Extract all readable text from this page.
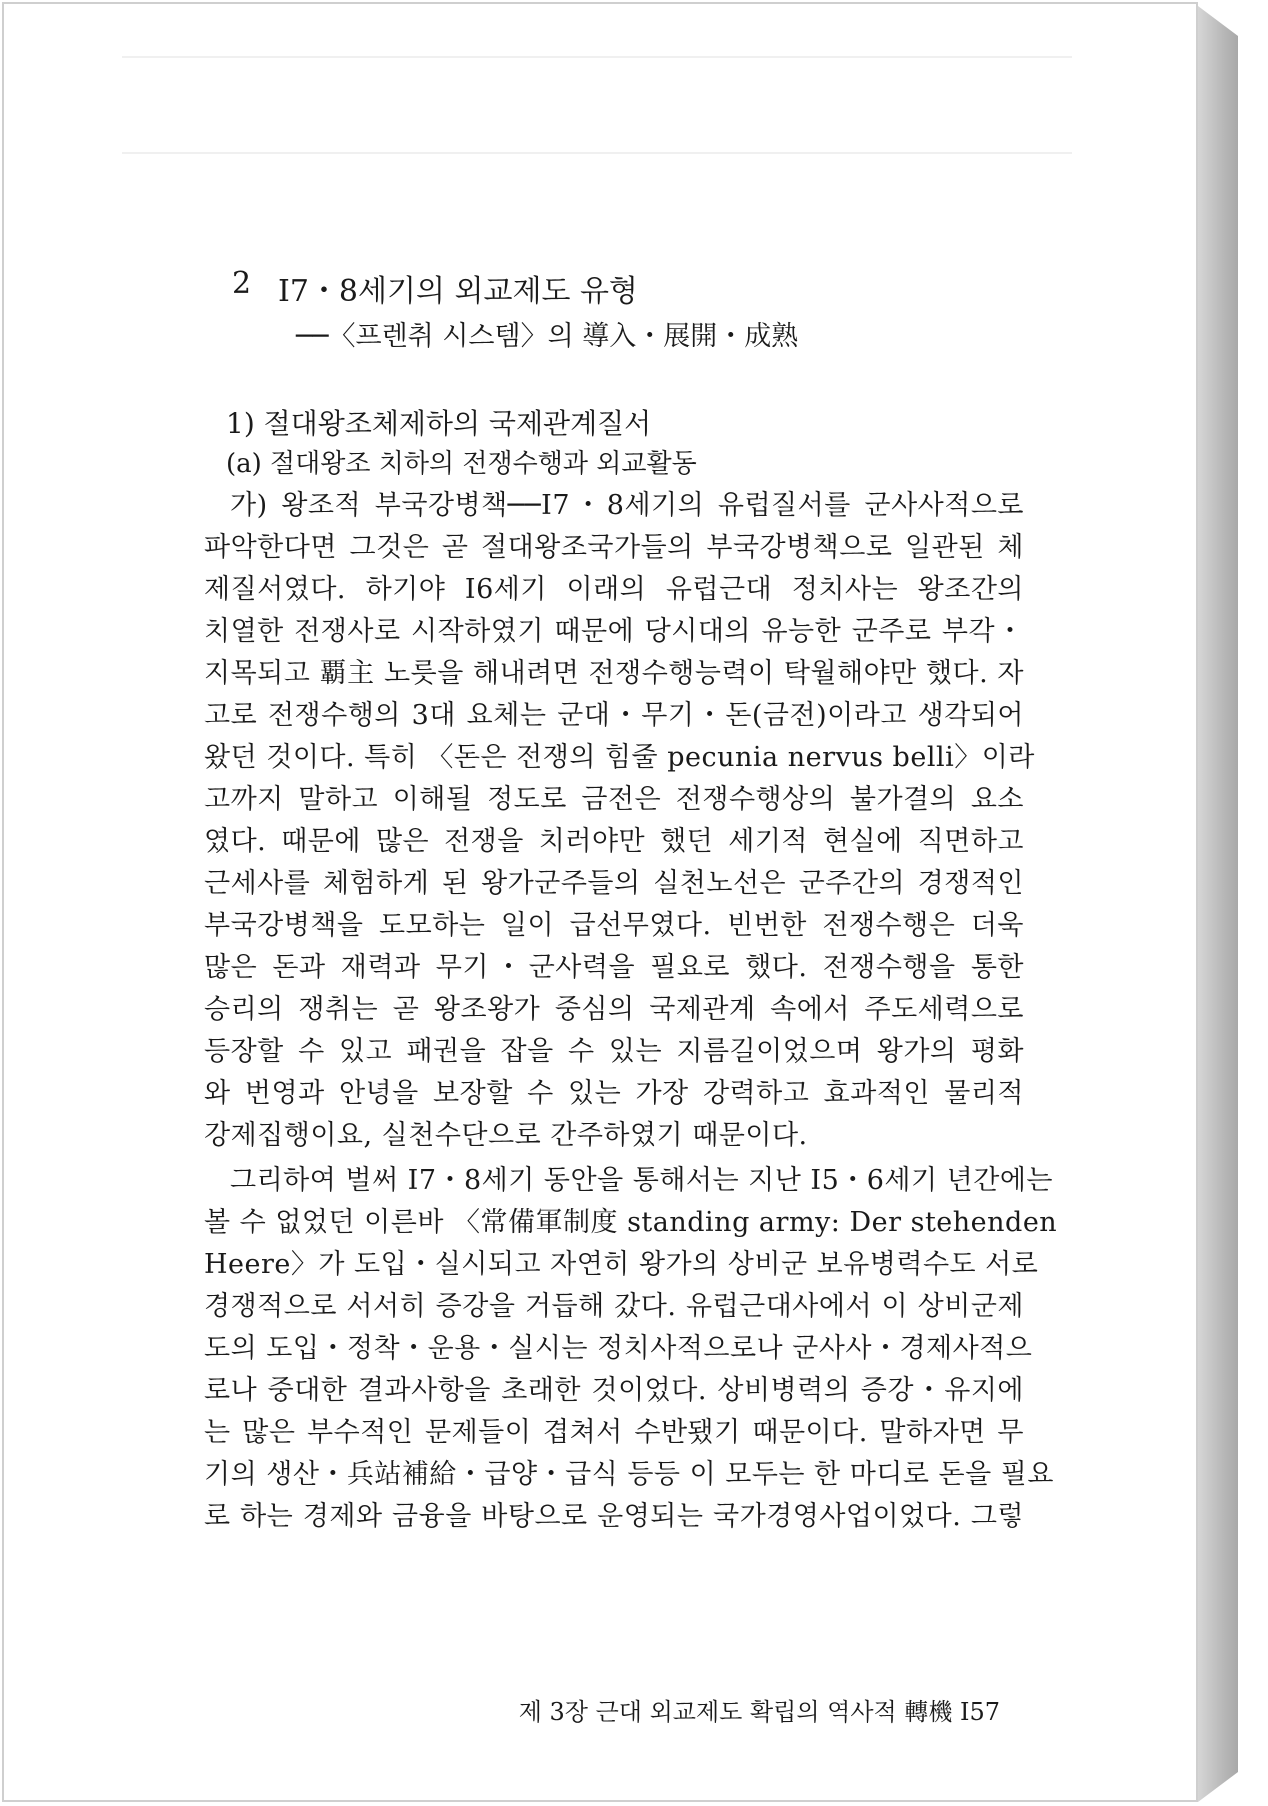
2 I7・8세기의 외교제도 유형
──〈프렌취 시스템〉의 導入・展開・成熟
1) 절대왕조체제하의 국제관계질서
(a) 절대왕조 치하의 전쟁수행과 외교활동
가) 왕조적 부국강병책──I7・8세기의 유럽질서를 군사사적으로
파악한다면 그것은 곧 절대왕조국가들의 부국강병책으로 일관된 체
제질서였다. 하기야 I6세기 이래의 유럽근대 정치사는 왕조간의
치열한 전쟁사로 시작하였기 때문에 당시대의 유능한 군주로 부각・
지목되고 覇主 노릇을 해내려면 전쟁수행능력이 탁월해야만 했다. 자
고로 전쟁수행의 3대 요체는 군대・무기・돈(금전)이라고 생각되어
왔던 것이다. 특히 〈돈은 전쟁의 힘줄 pecunia nervus belli〉이라
고까지 말하고 이해될 정도로 금전은 전쟁수행상의 불가결의 요소
였다. 때문에 많은 전쟁을 치러야만 했던 세기적 현실에 직면하고
근세사를 체험하게 된 왕가군주들의 실천노선은 군주간의 경쟁적인
부국강병책을 도모하는 일이 급선무였다. 빈번한 전쟁수행은 더욱
많은 돈과 재력과 무기・군사력을 필요로 했다. 전쟁수행을 통한
승리의 쟁취는 곧 왕조왕가 중심의 국제관계 속에서 주도세력으로
등장할 수 있고 패권을 잡을 수 있는 지름길이었으며 왕가의 평화
와 번영과 안녕을 보장할 수 있는 가장 강력하고 효과적인 물리적
강제집행이요, 실천수단으로 간주하였기 때문이다.
그리하여 벌써 I7・8세기 동안을 통해서는 지난 I5・6세기 년간에는
볼 수 없었던 이른바 〈常備軍制度 standing army: Der stehenden
Heere〉가 도입・실시되고 자연히 왕가의 상비군 보유병력수도 서로
경쟁적으로 서서히 증강을 거듭해 갔다. 유럽근대사에서 이 상비군제
도의 도입・정착・운용・실시는 정치사적으로나 군사사・경제사적으
로나 중대한 결과사항을 초래한 것이었다. 상비병력의 증강・유지에
는 많은 부수적인 문제들이 겹쳐서 수반됐기 때문이다. 말하자면 무
기의 생산・兵站補給・급양・급식 등등 이 모두는 한 마디로 돈을 필요
로 하는 경제와 금융을 바탕으로 운영되는 국가경영사업이었다. 그렇
제 3장 근대 외교제도 확립의 역사적 轉機 I57
